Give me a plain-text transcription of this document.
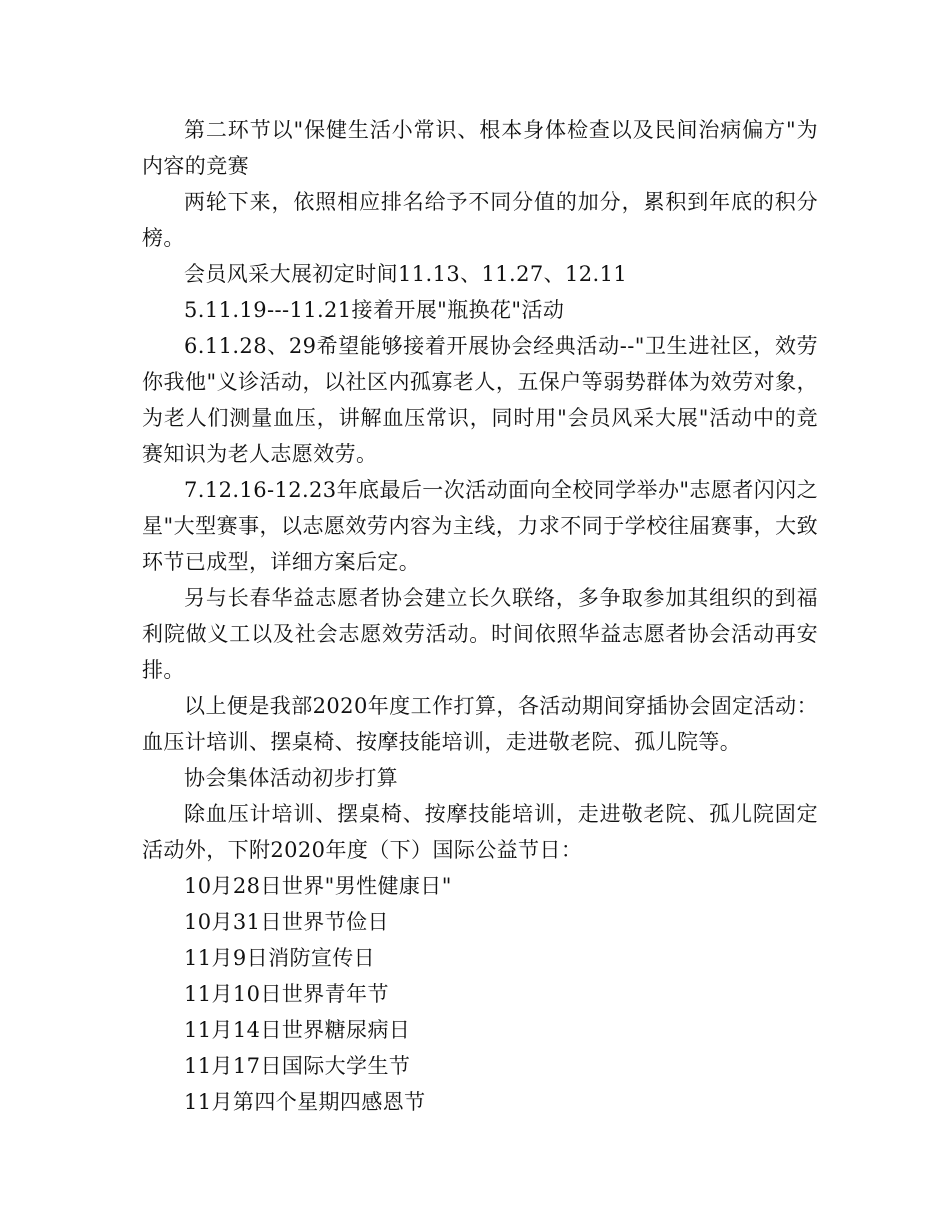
第二环节以"保健生活小常识、根本身体检查以及民间治病偏方"为内容的竞赛

两轮下来，依照相应排名给予不同分值的加分，累积到年底的积分榜。

会员风采大展初定时间11.13、11.27、12.11

5.11.19---11.21接着开展"瓶换花"活动

6.11.28、29希望能够接着开展协会经典活动--"卫生进社区，效劳你我他"义诊活动，以社区内孤寡老人，五保户等弱势群体为效劳对象，为老人们测量血压，讲解血压常识，同时用"会员风采大展"活动中的竞赛知识为老人志愿效劳。

7.12.16-12.23年底最后一次活动面向全校同学举办"志愿者闪闪之星"大型赛事，以志愿效劳内容为主线，力求不同于学校往届赛事，大致环节已成型，详细方案后定。

另与长春华益志愿者协会建立长久联络，多争取参加其组织的到福利院做义工以及社会志愿效劳活动。时间依照华益志愿者协会活动再安排。

以上便是我部2020年度工作打算，各活动期间穿插协会固定活动：血压计培训、摆桌椅、按摩技能培训，走进敬老院、孤儿院等。

协会集体活动初步打算

除血压计培训、摆桌椅、按摩技能培训，走进敬老院、孤儿院固定活动外，下附2020年度（下）国际公益节日：

10月28日世界"男性健康日"

10月31日世界节俭日

11月9日消防宣传日

11月10日世界青年节

11月14日世界糖尿病日

11月17日国际大学生节

11月第四个星期四感恩节
